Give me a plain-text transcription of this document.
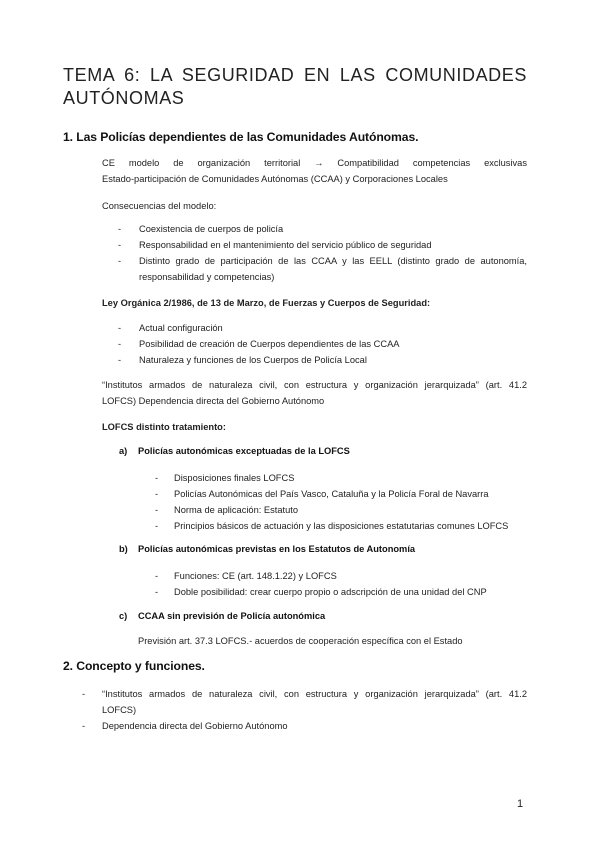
TEMA 6: LA SEGURIDAD EN LAS COMUNIDADES
AUTÓNOMAS
1. Las Policías dependientes de las Comunidades Autónomas.
CE modelo de organización territorial → Compatibilidad competencias exclusivas
Estado-participación de Comunidades Autónomas (CCAA) y Corporaciones Locales
Consecuencias del modelo:
- Coexistencia de cuerpos de policía
- Responsabilidad en el mantenimiento del servicio público de seguridad
- Distinto grado de participación de las CCAA y las EELL (distinto grado de autonomía, responsabilidad y competencias)
Ley Orgánica 2/1986, de 13 de Marzo, de Fuerzas y Cuerpos de Seguridad:
- Actual configuración
- Posibilidad de creación de Cuerpos dependientes de las CCAA
- Naturaleza y funciones de los Cuerpos de Policía Local
“Institutos armados de naturaleza civil, con estructura y organización jerarquizada” (art. 41.2
LOFCS) Dependencia directa del Gobierno Autónomo
LOFCS distinto tratamiento:
a) Policías autonómicas exceptuadas de la LOFCS
- Disposiciones finales LOFCS
- Policías Autonómicas del País Vasco, Cataluña y la Policía Foral de Navarra
- Norma de aplicación: Estatuto
- Principios básicos de actuación y las disposiciones estatutarias comunes LOFCS
b) Policías autonómicas previstas en los Estatutos de Autonomía
- Funciones: CE (art. 148.1.22) y LOFCS
- Doble posibilidad: crear cuerpo propio o adscripción de una unidad del CNP
c) CCAA sin previsión de Policía autonómica
Previsión art. 37.3 LOFCS.- acuerdos de cooperación específica con el Estado
2. Concepto y funciones.
- “Institutos armados de naturaleza civil, con estructura y organización jerarquizada” (art. 41.2
LOFCS)
- Dependencia directa del Gobierno Autónomo
1
